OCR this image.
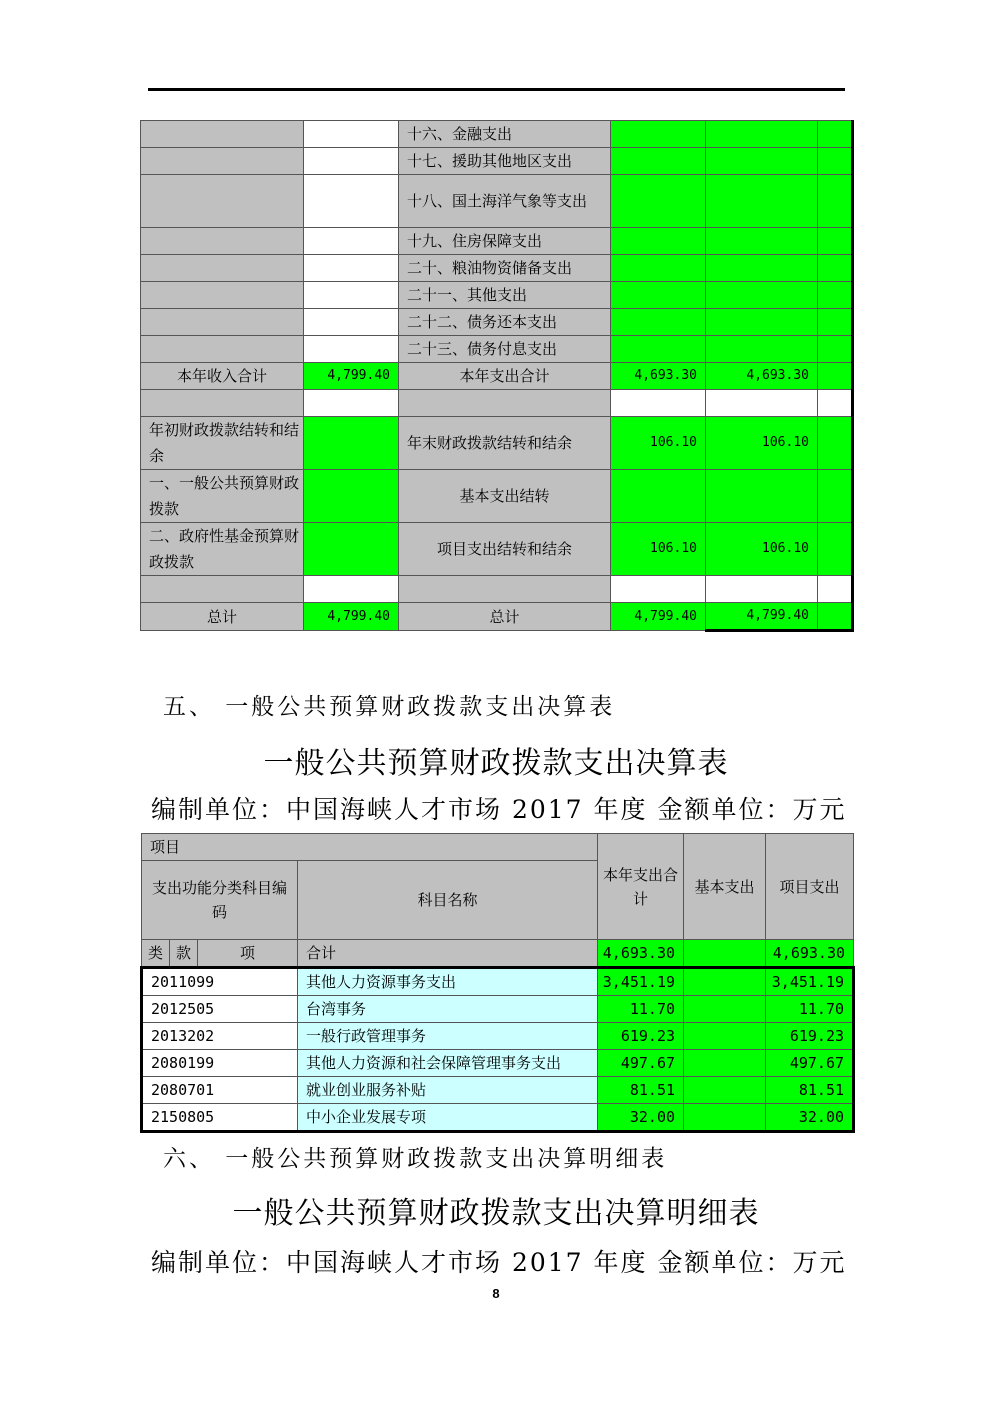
		十六、金融支出			
		十七、援助其他地区支出			
		十八、国土海洋气象等支出			
		十九、住房保障支出			
		二十、粮油物资储备支出			
		二十一、其他支出			
		二十二、债务还本支出			
		二十三、债务付息支出			
本年收入合计	4,799.40	本年支出合计	4,693.30	4,693.30	

年初财政拨款结转和结余		年末财政拨款结转和结余	106.10	106.10	
一、一般公共预算财政拨款		基本支出结转			
二、政府性基金预算财政拨款		项目支出结转和结余	106.10	106.10	

总计	4,799.40	总计	4,799.40	4,799.40	
五、 一般公共预算财政拨款支出决算表
一般公共预算财政拨款支出决算表
编制单位：中国海峡人才市场 2017 年度 金额单位：万元
项目				本年支出合计	基本支出	项目支出
支出功能分类科目编码			科目名称			
类	款	项	合计	4,693.30		4,693.30
2011099			其他人力资源事务支出	3,451.19		3,451.19
2012505			台湾事务	11.70		11.70
2013202			一般行政管理事务	619.23		619.23
2080199			其他人力资源和社会保障管理事务支出	497.67		497.67
2080701			就业创业服务补贴	81.51		81.51
2150805			中小企业发展专项	32.00		32.00
六、 一般公共预算财政拨款支出决算明细表
一般公共预算财政拨款支出决算明细表
编制单位：中国海峡人才市场 2017 年度 金额单位：万元
8
